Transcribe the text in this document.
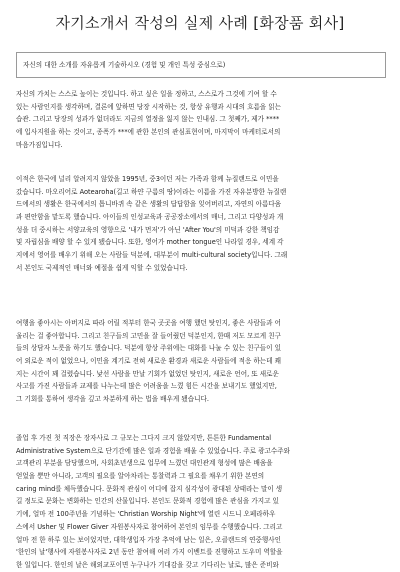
자기소개서 작성의 실제 사례 [화장품 회사]
자신의 대한 소개를 자유롭게 기술하시오 (경험 및 개인 특성 중심으로)
자신의 가치는 스스로 높이는 것입니다. 하고 싶은 일을 정하고, 스스로가 그것에 기여 할 수
있는 사람인지를 생각하며, 결론에 앞하면 당장 시작하는 것, 항상 유행과 시대의 흐름을 읽는
습관. 그리고 당장의 성과가 없더라도 지금의 열정을 잃지 않는 인내심. 그 첫째가, 제가 ****
에 입사지원을 하는 것이고, 종폭가 ***에 관한 본인의 관심표현이며, 마지막이 마케터로서의
마음가짐입니다.
이적은 한국에 널리 알려지지 않았을 1995년, 중3이던 저는 가족과 함께 뉴질랜드로 이민을
갔습니다. 마오리어로 Aotearoha(길고 하얀 구름의 땅)이라는 이름을 가진 자유분방한 뉴질랜
드에서의 생활은 한국에서의 톱니바퀴 속 같은 생활의 답답함을 잊어버리고, 자연의 아름다움
과 편안함을 맡도록 했습니다. 아이들의 인성교육과 공공장소에서의 매너, 그리고 다양성과 개
성을 더 중시하는 서양교육의 영향으로 '내가 먼저'가 아닌 'After You'의 미덕과 강한 책임감
및 자립심을 배양 할 수 있게 됐습니다. 또한, 영어가 mother tongue인 나라일 경우, 세계 각
지에서 영어를 배우기 위해 오는 사람들 덕분에, 대부분이 multi-cultural society입니다. 그래
서 본인도 국제적인 매너와 예절을 쉽게 익할 수 있었습니다.
여행을 좋아시는 아버지로 따라 어릴 적부터 한국 곳곳을 여행 했던 탓인지, 좋은 사람들과 어
울리는 걸 좋아합니다. 그리고 친구들의 고민을 잘 들어줬던 덕분인지, 한때 저도 모르게 친구
들의 상담자 노릇을 하기도 했습니다. 덕분에 항상 주위에는 대화를 나눌 수 있는 친구들이 있
어 외로운 적이 없었으나, 이민을 계기로 전혀 새로운 환경과 새로운 사람들에 적응 하는데 꽤
지는 시간이 꽤 걸렸습니다. 낯선 사람을 만날 기회가 없었던 탓인지, 새로운 언어, 또 새로운
사고를 가진 사람들과 교제를 나누는데 많은 어려움을 느꼈 힘든 시간을 보내기도 했었지만,
그 기회를 통하여 생각을 깊고 차분하게 하는 법을 배우게 됐습니다.
졸업 후 가진 첫 직장은 장자사로 그 규모는 그다지 크지 않았지만, 튼튼한 Fundamental
Administrative System으로 단기간에 많은 일과 경험을 배울 수 있었습니다. 주로 광고수주와
고객관리 부분을 담당했으며, 사회초년생으로 업무에 느꼈던 대인관계 형성에 많은 배움을
얻었을 뿐만 아니라, 고객의 필요를 알아차리는 통찰력과 그 필요를 채우기 위한 본연의
caring mind를 체득했습니다. 문화적 관심이 어디에 잡지 심각성이 광대된 상태라는 말이 생
길 정도로 문화는 변화하는 인간의 산물입니다. 본인도 문화적 경험에 많은 관심을 가지고 있
기에, 얼마 전 100주년을 기념하는 'Christian Worship Night'에 열린 시드니 오페라하우
스에서 Usher 및 Flower Giver 자원봉사자로 참여하여 본인의 임무를 수행했습니다. 그리고
얼마 전 한 하루 있는 보이었지만, 대학생입자 가장 추억에 남는 일은, 오클랜드의 연중행사인
'한인의 날'행사에 자원봉사자로 2년 동안 참여해 여러 가지 이벤트를 진행하고 도우미 역할을
한 일입니다. 한인의 날은 해외교포이면 누구나가 기대감을 갖고 기다리는 날로, 많은 준비와
